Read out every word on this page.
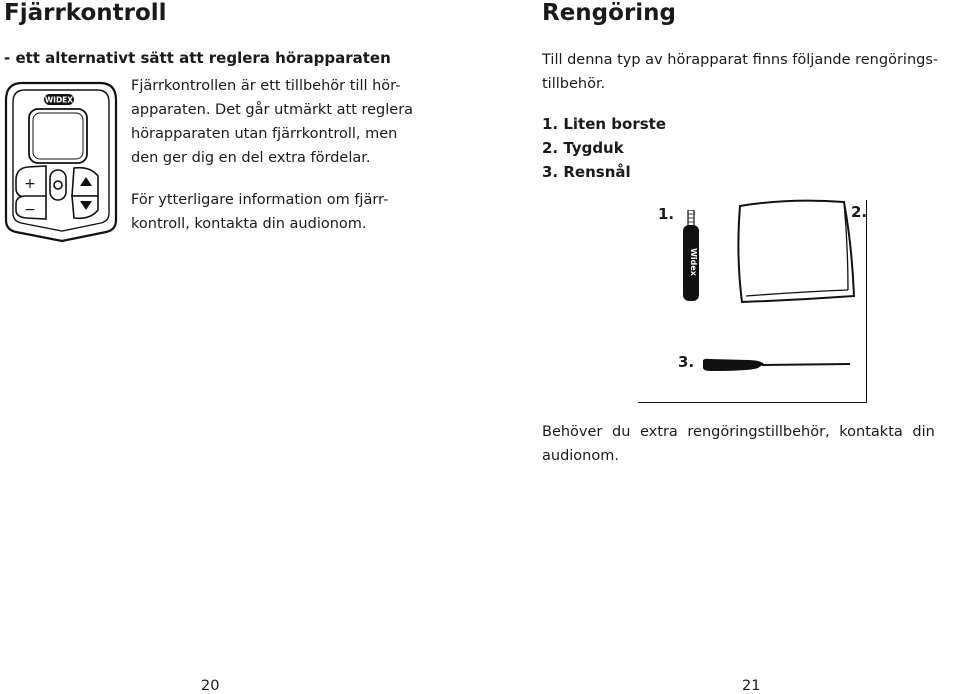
Fjärrkontroll
- ett alternativt sätt att reglera hörapparaten
Fjärrkontrollen är ett tillbehör till hör-
apparaten. Det går utmärkt att reglera
hörapparaten utan fjärrkontroll, men
den ger dig en del extra fördelar.
För ytterligare information om fjärr-
kontroll, kontakta din audionom.
WIDEX
+
−
Rengöring
Till denna typ av hörapparat finns följande rengörings-
tillbehör.
1. Liten borste
2. Tygduk
3. Rensnål
1.	2.
3.
Widex
Behöver du extra rengöringstillbehör, kontakta din
audionom.
20	21
